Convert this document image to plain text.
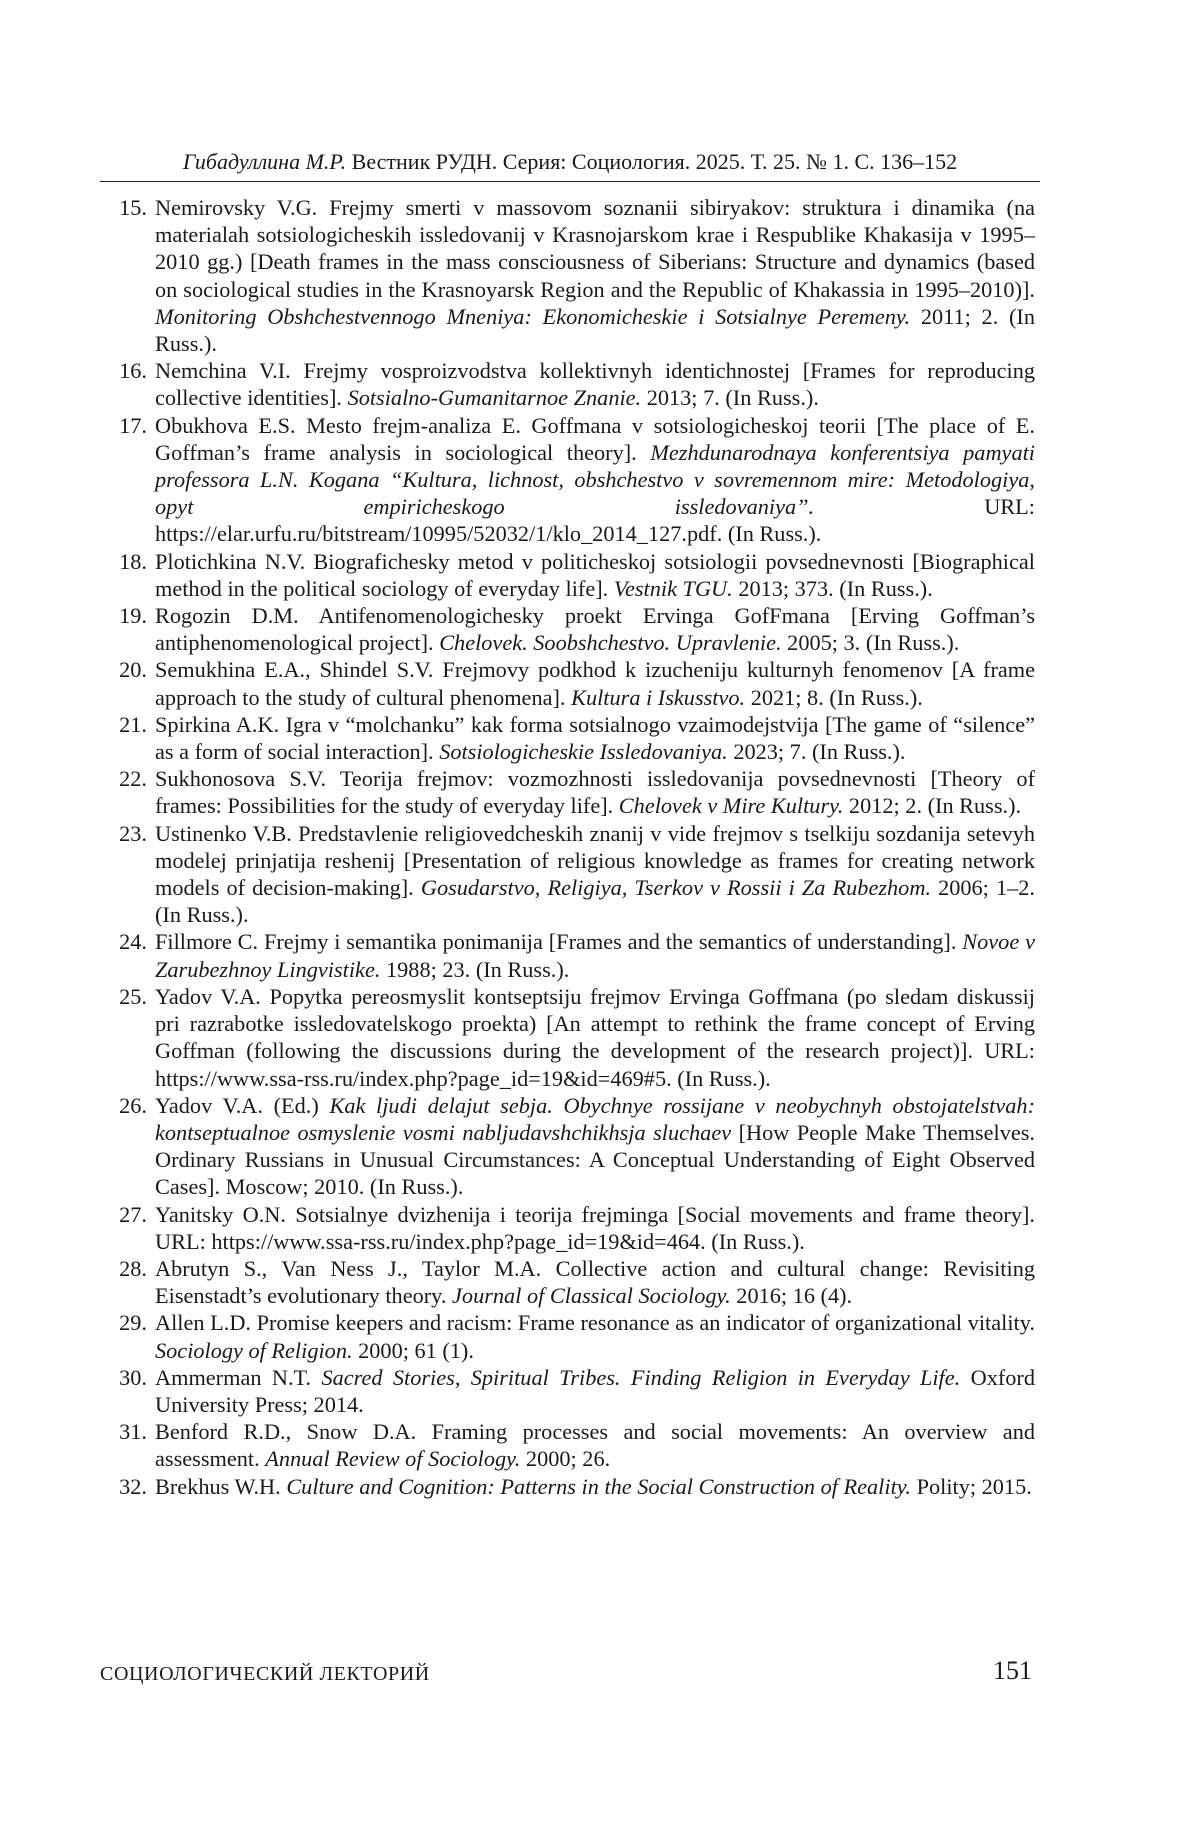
Гибадуллина М.Р. Вестник РУДН. Серия: Социология. 2025. Т. 25. № 1. С. 136–152
15. Nemirovsky V.G. Frejmy smerti v massovom soznanii sibiryakov: struktura i dinamika (na materialah sotsiologicheskih issledovanij v Krasnojarskom krae i Respublike Khakasija v 1995–2010 gg.) [Death frames in the mass consciousness of Siberians: Structure and dynamics (based on sociological studies in the Krasnoyarsk Region and the Republic of Khakassia in 1995–2010)]. Monitoring Obshchestvennogo Mneniya: Ekonomicheskie i Sotsialnye Peremeny. 2011; 2. (In Russ.).
16. Nemchina V.I. Frejmy vosproizvodstva kollektivnyh identichnostej [Frames for reproducing collective identities]. Sotsialno-Gumanitarnoe Znanie. 2013; 7. (In Russ.).
17. Obukhova E.S. Mesto frejm-analiza E. Goffmana v sotsiologicheskoj teorii [The place of E. Goffman’s frame analysis in sociological theory]. Mezhdunarodnaya konferentsiya pamyati professora L.N. Kogana “Kultura, lichnost, obshchestvo v sovremennom mire: Metodologiya, opyt empiricheskogo issledovaniya”. URL: https://elar.urfu.ru/bitstream/10995/52032/1/klo_2014_127.pdf. (In Russ.).
18. Plotichkina N.V. Biografichesky metod v politicheskoj sotsiologii povsednevnosti [Biographical method in the political sociology of everyday life]. Vestnik TGU. 2013; 373. (In Russ.).
19. Rogozin D.M. Antifenomenologichesky proekt Ervinga GofFmana [Erving Goffman’s antiphenomenological project]. Chelovek. Soobshchestvo. Upravlenie. 2005; 3. (In Russ.).
20. Semukhina E.A., Shindel S.V. Frejmovy podkhod k izucheniju kulturnyh fenomenov [A frame approach to the study of cultural phenomena]. Kultura i Iskusstvo. 2021; 8. (In Russ.).
21. Spirkina A.K. Igra v “molchanku” kak forma sotsialnogo vzaimodejstvija [The game of “silence” as a form of social interaction]. Sotsiologicheskie Issledovaniya. 2023; 7. (In Russ.).
22. Sukhonosova S.V. Teorija frejmov: vozmozhnosti issledovanija povsednevnosti [Theory of frames: Possibilities for the study of everyday life]. Chelovek v Mire Kultury. 2012; 2. (In Russ.).
23. Ustinenko V.B. Predstavlenie religiovedcheskih znanij v vide frejmov s tselkiju sozdanija setevyh modelej prinjatija reshenij [Presentation of religious knowledge as frames for creating network models of decision-making]. Gosudarstvo, Religiya, Tserkov v Rossii i Za Rubezhom. 2006; 1–2. (In Russ.).
24. Fillmore C. Frejmy i semantika ponimanija [Frames and the semantics of understanding]. Novoe v Zarubezhnoy Lingvistike. 1988; 23. (In Russ.).
25. Yadov V.A. Popytka pereosmyslit kontseptsiju frejmov Ervinga Goffmana (po sledam diskussij pri razrabotke issledovatelskogo proekta) [An attempt to rethink the frame concept of Erving Goffman (following the discussions during the development of the research project)]. URL: https://www.ssa-rss.ru/index.php?page_id=19&id=469#5. (In Russ.).
26. Yadov V.A. (Ed.) Kak ljudi delajut sebja. Obychnye rossijane v neobychnyh obstojatelstvah: kontseptualnoe osmyslenie vosmi nabljudavshchikhsja sluchaev [How People Make Themselves. Ordinary Russians in Unusual Circumstances: A Conceptual Understanding of Eight Observed Cases]. Moscow; 2010. (In Russ.).
27. Yanitsky O.N. Sotsialnye dvizhenija i teorija frejminga [Social movements and frame theory]. URL: https://www.ssa-rss.ru/index.php?page_id=19&id=464. (In Russ.).
28. Abrutyn S., Van Ness J., Taylor M.A. Collective action and cultural change: Revisiting Eisenstadt’s evolutionary theory. Journal of Classical Sociology. 2016; 16 (4).
29. Allen L.D. Promise keepers and racism: Frame resonance as an indicator of organizational vitality. Sociology of Religion. 2000; 61 (1).
30. Ammerman N.T. Sacred Stories, Spiritual Tribes. Finding Religion in Everyday Life. Oxford University Press; 2014.
31. Benford R.D., Snow D.A. Framing processes and social movements: An overview and assessment. Annual Review of Sociology. 2000; 26.
32. Brekhus W.H. Culture and Cognition: Patterns in the Social Construction of Reality. Polity; 2015.
СОЦИОЛОГИЧЕСКИЙ ЛЕКТОРИЙ	151
